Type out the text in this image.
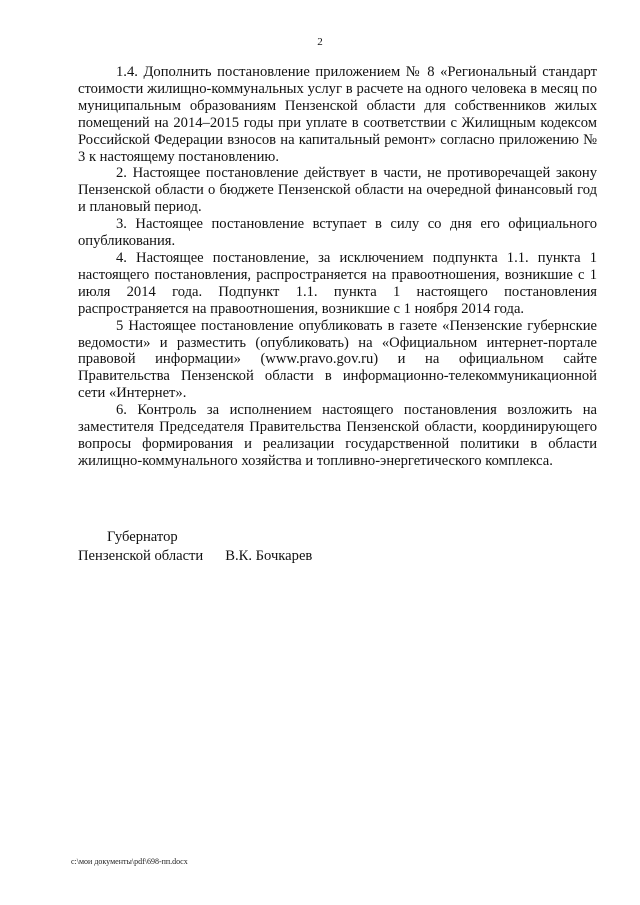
2

1.4. Дополнить постановление приложением № 8 «Региональный стандарт стоимости жилищно-коммунальных услуг в расчете на одного человека в месяц по муниципальным образованиям Пензенской области для собственников жилых помещений на 2014–2015 годы при уплате в соответствии с Жилищным кодексом Российской Федерации взносов на капитальный ремонт» согласно приложению № 3 к настоящему постановлению.

2. Настоящее постановление действует в части, не противоречащей закону Пензенской области о бюджете Пензенской области на очередной финансовый год и плановый период.

3. Настоящее постановление вступает в силу со дня его официального опубликования.

4. Настоящее постановление, за исключением подпункта 1.1. пункта 1 настоящего постановления, распространяется на правоотношения, возникшие с 1 июля 2014 года. Подпункт 1.1. пункта 1 настоящего постановления распространяется на правоотношения, возникшие с 1 ноября 2014 года.

5 Настоящее постановление опубликовать в газете «Пензенские губернские ведомости» и разместить (опубликовать) на «Официальном интернет-портале правовой информации» (www.pravo.gov.ru) и на официальном сайте Правительства Пензенской области в информационно-телекоммуникационной сети «Интернет».

6. Контроль за исполнением настоящего постановления возложить на заместителя Председателя Правительства Пензенской области, координирующего вопросы формирования и реализации государственной политики в области жилищно-коммунального хозяйства и топливно-энергетического комплекса.

Губернатор
Пензенской области В.К. Бочкарев
c:\мои документы\pdf\698-пп.docx
